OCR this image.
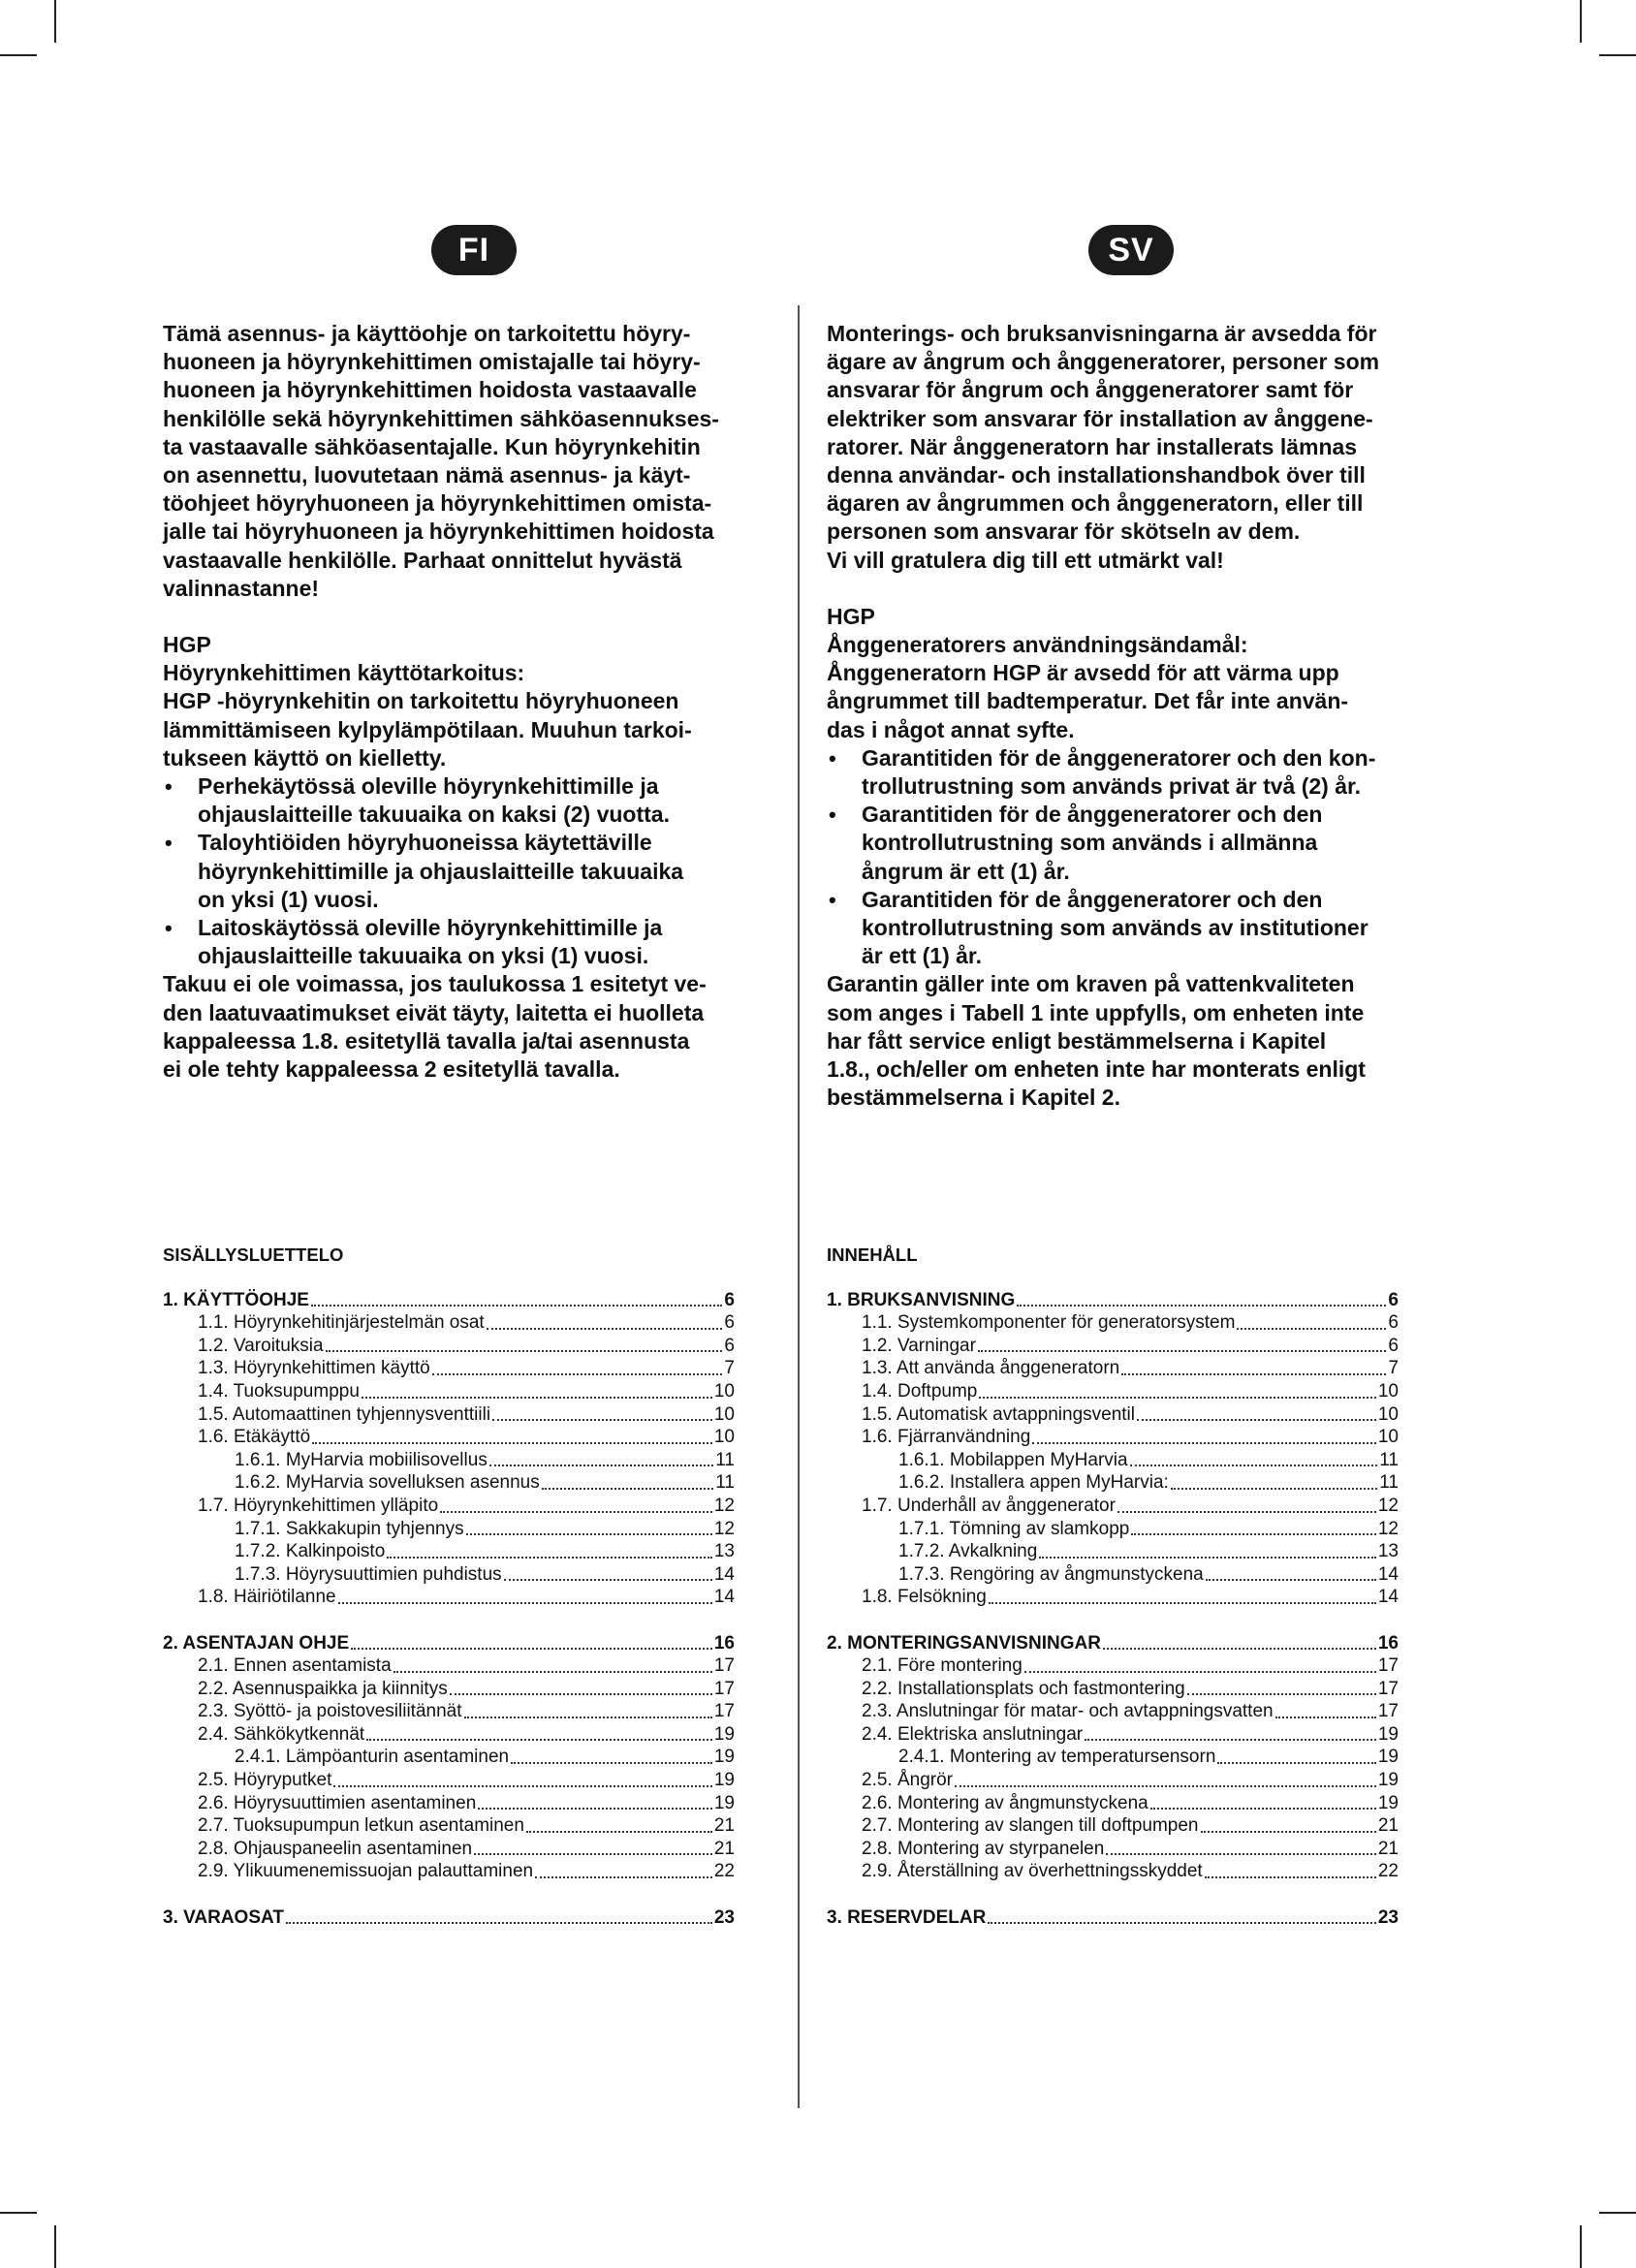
FI	SV

Tämä asennus- ja käyttöohje on tarkoitettu höyry-
huoneen ja höyrynkehittimen omistajalle tai höyry-
huoneen ja höyrynkehittimen hoidosta vastaavalle
henkilölle sekä höyrynkehittimen sähköasennukses-
ta vastaavalle sähköasentajalle. Kun höyrynkehitin
on asennettu, luovutetaan nämä asennus- ja käyt-
töohjeet höyryhuoneen ja höyrynkehittimen omista-
jalle tai höyryhuoneen ja höyrynkehittimen hoidosta
vastaavalle henkilölle. Parhaat onnittelut hyvästä
valinnastanne!

HGP
Höyrynkehittimen käyttötarkoitus:
HGP -höyrynkehitin on tarkoitettu höyryhuoneen
lämmittämiseen kylpylämpötilaan. Muuhun tarkoi-
tukseen käyttö on kielletty.
• Perhekäytössä oleville höyrynkehittimille ja
ohjauslaitteille takuuaika on kaksi (2) vuotta.
• Taloyhtiöiden höyryhuoneissa käytettäville
höyrynkehittimille ja ohjauslaitteille takuuaika
on yksi (1) vuosi.
• Laitoskäytössä oleville höyrynkehittimille ja
ohjauslaitteille takuuaika on yksi (1) vuosi.
Takuu ei ole voimassa, jos taulukossa 1 esitetyt ve-
den laatuvaatimukset eivät täyty, laitetta ei huolleta
kappaleessa 1.8. esitetyllä tavalla ja/tai asennusta
ei ole tehty kappaleessa 2 esitetyllä tavalla.

Monterings- och bruksanvisningarna är avsedda för
ägare av ångrum och ånggeneratorer, personer som
ansvarar för ångrum och ånggeneratorer samt för
elektriker som ansvarar för installation av ånggene-
ratorer. När ånggeneratorn har installerats lämnas
denna användar- och installationshandbok över till
ägaren av ångrummen och ånggeneratorn, eller till
personen som ansvarar för skötseln av dem.
Vi vill gratulera dig till ett utmärkt val!

HGP
Ånggeneratorers användningsändamål:
Ånggeneratorn HGP är avsedd för att värma upp
ångrummet till badtemperatur. Det får inte använ-
das i något annat syfte.
• Garantitiden för de ånggeneratorer och den kon-
trollutrustning som används privat är två (2) år.
• Garantitiden för de ånggeneratorer och den
kontrollutrustning som används i allmänna
ångrum är ett (1) år.
• Garantitiden för de ånggeneratorer och den
kontrollutrustning som används av institutioner
är ett (1) år.
Garantin gäller inte om kraven på vattenkvaliteten
som anges i Tabell 1 inte uppfylls, om enheten inte
har fått service enligt bestämmelserna i Kapitel
1.8., och/eller om enheten inte har monterats enligt
bestämmelserna i Kapitel 2.
SISÄLLYSLUETTELO
1. KÄYTTÖOHJE	6
1.1. Höyrynkehitinjärjestelmän osat	6
1.2. Varoituksia	6
1.3. Höyrynkehittimen käyttö	7
1.4. Tuoksupumppu	10
1.5. Automaattinen tyhjennysventtiili	10
1.6. Etäkäyttö	10
1.6.1. MyHarvia mobiilisovellus	11
1.6.2. MyHarvia sovelluksen asennus	11
1.7. Höyrynkehittimen ylläpito	12
1.7.1. Sakkakupin tyhjennys	12
1.7.2. Kalkinpoisto	13
1.7.3. Höyrysuuttimien puhdistus	14
1.8. Häiriötilanne	14
2. ASENTAJAN OHJE	16
2.1. Ennen asentamista	17
2.2. Asennuspaikka ja kiinnitys	17
2.3. Syöttö- ja poistovesiliitännät	17
2.4. Sähkökytkennät	19
2.4.1. Lämpöanturin asentaminen	19
2.5. Höyryputket	19
2.6. Höyrysuuttimien asentaminen	19
2.7. Tuoksupumpun letkun asentaminen	21
2.8. Ohjauspaneelin asentaminen	21
2.9. Ylikuumenemissuojan palauttaminen	22
3. VARAOSAT	23
INNEHÅLL
1. BRUKSANVISNING	6
1.1. Systemkomponenter för generatorsystem	6
1.2. Varningar	6
1.3. Att använda ånggeneratorn	7
1.4. Doftpump	10
1.5. Automatisk avtappningsventil	10
1.6. Fjärranvändning	10
1.6.1. Mobilappen MyHarvia	11
1.6.2. Installera appen MyHarvia:	11
1.7. Underhåll av ånggenerator	12
1.7.1. Tömning av slamkopp	12
1.7.2. Avkalkning	13
1.7.3. Rengöring av ångmunstyckena	14
1.8. Felsökning	14
2. MONTERINGSANVISNINGAR	16
2.1. Före montering	17
2.2. Installationsplats och fastmontering	17
2.3. Anslutningar för matar- och avtappningsvatten	17
2.4. Elektriska anslutningar	19
2.4.1. Montering av temperatursensorn	19
2.5. Ångrör	19
2.6. Montering av ångmunstyckena	19
2.7. Montering av slangen till doftpumpen	21
2.8. Montering av styrpanelen	21
2.9. Återställning av överhettningsskyddet	22
3. RESERVDELAR	23
